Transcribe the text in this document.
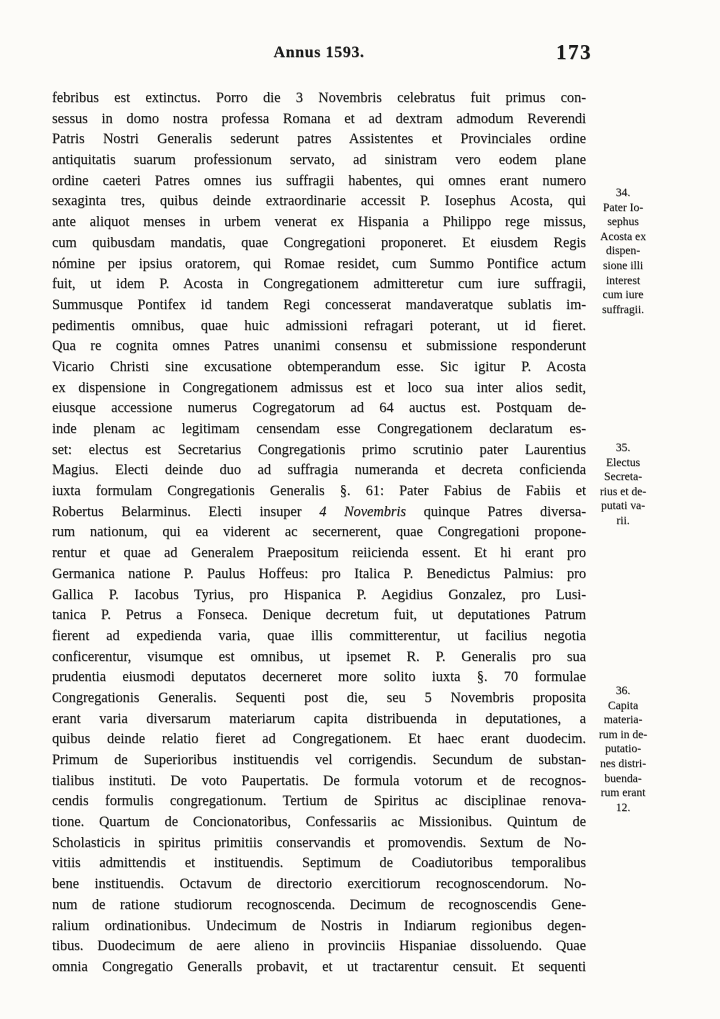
Annus 1593.	173
febribus est extinctus. Porro die 3 Novembris celebratus fuit primus con-
sessus in domo nostra professa Romana et ad dextram admodum Reverendi
Patris Nostri Generalis sederunt patres Assistentes et Provinciales ordine
antiquitatis suarum professionum servato, ad sinistram vero eodem plane
ordine caeteri Patres omnes ius suffragii habentes, qui omnes erant numero
sexaginta tres, quibus deinde extraordinarie accessit P. Iosephus Acosta, qui
ante aliquot menses in urbem venerat ex Hispania a Philippo rege missus,
cum quibusdam mandatis, quae Congregationi proponeret. Et eiusdem Regis
nómine per ipsius oratorem, qui Romae residet, cum Summo Pontifice actum
fuit, ut idem P. Acosta in Congregationem admitteretur cum iure suffragii,
Summusque Pontifex id tandem Regi concesserat mandaveratque sublatis im-
pedimentis omnibus, quae huic admissioni refragari poterant, ut id fieret.
Qua re cognita omnes Patres unanimi consensu et submissione responderunt
Vicario Christi sine excusatione obtemperandum esse. Sic igitur P. Acosta
ex dispensione in Congregationem admissus est et loco sua inter alios sedit,
eiusque accessione numerus Cogregatorum ad 64 auctus est. Postquam de-
inde plenam ac legitimam censendam esse Congregationem declaratum es-
set: electus est Secretarius Congregationis primo scrutinio pater Laurentius
Magius. Electi deinde duo ad suffragia numeranda et decreta conficienda
iuxta formulam Congregationis Generalis §. 61: Pater Fabius de Fabiis et
Robertus Belarminus. Electi insuper 4 Novembris quinque Patres diversa-
rum nationum, qui ea viderent ac secernerent, quae Congregationi propone-
rentur et quae ad Generalem Praepositum reiicienda essent. Et hi erant pro
Germanica natione P. Paulus Hoffeus: pro Italica P. Benedictus Palmius: pro
Gallica P. Iacobus Tyrius, pro Hispanica P. Aegidius Gonzalez, pro Lusi-
tanica P. Petrus a Fonseca. Denique decretum fuit, ut deputationes Patrum
fierent ad expedienda varia, quae illis committerentur, ut facilius negotia
conficerentur, visumque est omnibus, ut ipsemet R. P. Generalis pro sua
prudentia eiusmodi deputatos decerneret more solito iuxta §. 70 formulae
Congregationis Generalis. Sequenti post die, seu 5 Novembris proposita
erant varia diversarum materiarum capita distribuenda in deputationes, a
quibus deinde relatio fieret ad Congregationem. Et haec erant duodecim.
Primum de Superioribus instituendis vel corrigendis. Secundum de substan-
tialibus instituti. De voto Paupertatis. De formula votorum et de recognos-
cendis formulis congregationum. Tertium de Spiritus ac disciplinae renova-
tione. Quartum de Concionatoribus, Confessariis ac Missionibus. Quintum de
Scholasticis in spiritus primitiis conservandis et promovendis. Sextum de No-
vitiis admittendis et instituendis. Septimum de Coadiutoribus temporalibus
bene instituendis. Octavum de directorio exercitiorum recognoscendorum. No-
num de ratione studiorum recognoscenda. Decimum de recognoscendis Gene-
ralium ordinationibus. Undecimum de Nostris in Indiarum regionibus degen-
tibus. Duodecimum de aere alieno in provinciis Hispaniae dissoluendo. Quae
omnia Congregatio Generalls probavit, et ut tractarentur censuit. Et sequenti
34.
Pater Io-
sephus
Acosta ex
dispen-
sione illi
interest
cum iure
suffragii.
35.
Electus
Secreta-
rius et de-
putati va-
rii.
36.
Capita
materia-
rum in de-
putatio-
nes distri-
buenda-
rum erant
12.
